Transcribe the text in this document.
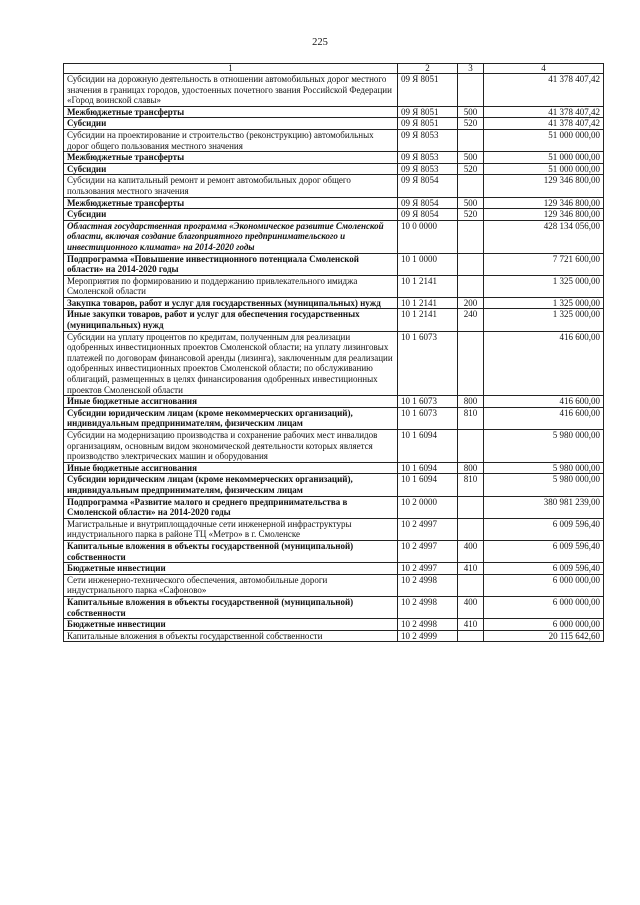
225
1	2	3	4
Субсидии на дорожную деятельность в отношении автомобильных дорог местного значения в границах городов, удостоенных почетного звания Российской Федерации «Город воинской славы»	09 Я 8051		41 378 407,42
Межбюджетные трансферты	09 Я 8051	500	41 378 407,42
Субсидии	09 Я 8051	520	41 378 407,42
Субсидии на проектирование и строительство (реконструкцию) автомобильных дорог общего пользования местного значения	09 Я 8053		51 000 000,00
Межбюджетные трансферты	09 Я 8053	500	51 000 000,00
Субсидии	09 Я 8053	520	51 000 000,00
Субсидии на капитальный ремонт и ремонт автомобильных дорог общего пользования местного значения	09 Я 8054		129 346 800,00
Межбюджетные трансферты	09 Я 8054	500	129 346 800,00
Субсидии	09 Я 8054	520	129 346 800,00
Областная государственная программа «Экономическое развитие Смоленской области, включая создание благоприятного предпринимательского и инвестиционного климата» на 2014-2020 годы	10 0 0000		428 134 056,00
Подпрограмма «Повышение инвестиционного потенциала Смоленской области» на 2014-2020 годы	10 1 0000		7 721 600,00
Мероприятия по формированию и поддержанию привлекательного имиджа Смоленской области	10 1 2141		1 325 000,00
Закупка товаров, работ и услуг для государственных (муниципальных) нужд	10 1 2141	200	1 325 000,00
Иные закупки товаров, работ и услуг для обеспечения государственных (муниципальных) нужд	10 1 2141	240	1 325 000,00
Субсидии на уплату процентов по кредитам, полученным для реализации одобренных инвестиционных проектов Смоленской области; на уплату лизинговых платежей по договорам финансовой аренды (лизинга), заключенным для реализации одобренных инвестиционных проектов Смоленской области; по обслуживанию облигаций, размещенных в целях финансирования одобренных инвестиционных проектов Смоленской области	10 1 6073		416 600,00
Иные бюджетные ассигнования	10 1 6073	800	416 600,00
Субсидии юридическим лицам (кроме некоммерческих организаций), индивидуальным предпринимателям, физическим лицам	10 1 6073	810	416 600,00
Субсидии на модернизацию производства и сохранение рабочих мест инвалидов организациям, основным видом экономической деятельности которых является производство электрических машин и оборудования	10 1 6094		5 980 000,00
Иные бюджетные ассигнования	10 1 6094	800	5 980 000,00
Субсидии юридическим лицам (кроме некоммерческих организаций), индивидуальным предпринимателям, физическим лицам	10 1 6094	810	5 980 000,00
Подпрограмма «Развитие малого и среднего предпринимательства в Смоленской области» на 2014-2020 годы	10 2 0000		380 981 239,00
Магистральные и внутриплощадочные сети инженерной инфраструктуры индустриального парка в районе ТЦ «Метро» в г. Смоленске	10 2 4997		6 009 596,40
Капитальные вложения в объекты государственной (муниципальной) собственности	10 2 4997	400	6 009 596,40
Бюджетные инвестиции	10 2 4997	410	6 009 596,40
Сети инженерно-технического обеспечения, автомобильные дороги индустриального парка «Сафоново»	10 2 4998		6 000 000,00
Капитальные вложения в объекты государственной (муниципальной) собственности	10 2 4998	400	6 000 000,00
Бюджетные инвестиции	10 2 4998	410	6 000 000,00
Капитальные вложения в объекты государственной собственности	10 2 4999		20 115 642,60
